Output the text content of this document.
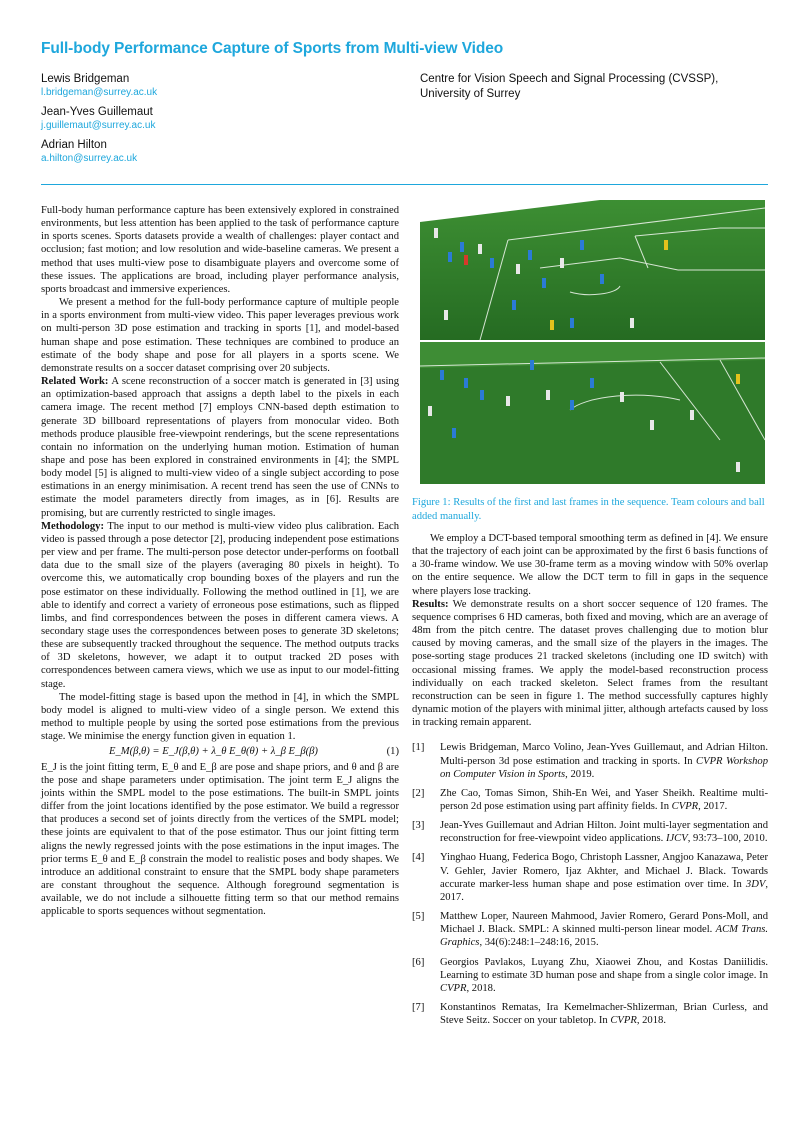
Full-body Performance Capture of Sports from Multi-view Video
Lewis Bridgeman
l.bridgeman@surrey.ac.uk
Jean-Yves Guillemaut
j.guillemaut@surrey.ac.uk
Adrian Hilton
a.hilton@surrey.ac.uk
Centre for Vision Speech and Signal Processing (CVSSP),
University of Surrey

Full-body human performance capture has been extensively explored in constrained environments, but less attention has been applied to the task of performance capture in sports scenes. Sports datasets provide a wealth of challenges: player contact and occlusion; fast motion; and low resolution and wide-baseline cameras. We present a method that uses multi-view pose to disambiguate players and overcome some of these issues. The applications are broad, including player performance analysis, sports broadcast and immersive experiences.

We present a method for the full-body performance capture of multiple people in a sports environment from multi-view video. This paper leverages previous work on multi-person 3D pose estimation and tracking in sports [1], and model-based human shape and pose estimation. These techniques are combined to produce an estimate of the body shape and pose for all players in a sports scene. We demonstrate results on a soccer dataset comprising over 20 subjects.

Related Work: A scene reconstruction of a soccer match is generated in [3] using an optimization-based approach that assigns a depth label to the pixels in each camera image. The recent method [7] employs CNN-based depth estimation to generate 3D billboard representations of players from monocular video. Both methods produce plausible free-viewpoint renderings, but the scene representations contain no information on the underlying human motion. Estimation of human shape and pose has been explored in constrained environments in [4]; the SMPL body model [5] is aligned to multi-view video of a single subject according to pose estimations in an energy minimisation. A recent trend has seen the use of CNNs to estimate the model parameters directly from images, as in [6]. Results are promising, but are currently restricted to single images.

Methodology: The input to our method is multi-view video plus calibration. Each video is passed through a pose detector [2], producing independent pose estimations per view and per frame. The multi-person pose detector under-performs on football data due to the small size of the players (averaging 80 pixels in height). To overcome this, we automatically crop bounding boxes of the players and run the pose estimator on these individually. Following the method outlined in [1], we are able to identify and correct a variety of erroneous pose estimations, such as flipped limbs, and find correspondences between the poses in different camera views. A secondary stage uses the correspondences between poses to generate 3D skeletons; these are subsequently tracked throughout the sequence. The method outputs tracks of 3D skeletons, however, we adapt it to output tracked 2D poses with correspondences between camera views, which we use as input to our model-fitting stage.

The model-fitting stage is based upon the method in [4], in which the SMPL body model is aligned to multi-view video of a single person. We extend this method to multiple people by using the sorted pose estimations from the previous stage. We minimise the energy function given in equation 1.

E_M(β,θ) = E_J(β,θ) + λ_θ E_θ(θ) + λ_β E_β(β)	(1)

E_J is the joint fitting term, E_θ and E_β are pose and shape priors, and θ and β are the pose and shape parameters under optimisation. The joint term E_J aligns the joints within the SMPL model to the pose estimations. The built-in SMPL joints differ from the joint locations identified by the pose estimator. We build a regressor that produces a second set of joints directly from the vertices of the SMPL model; these joints are equivalent to that of the pose estimator. Thus our joint fitting term aligns the newly regressed joints with the pose estimations in the input images. The prior terms E_θ and E_β constrain the model to realistic poses and body shapes. We introduce an additional constraint to ensure that the SMPL body shape parameters are constant throughout the sequence. Although foreground segmentation is available, we do not include a silhouette fitting term so that our method remains applicable to sports sequences without segmentation.

Figure 1: Results of the first and last frames in the sequence. Team colours and ball added manually.

We employ a DCT-based temporal smoothing term as defined in [4]. We ensure that the trajectory of each joint can be approximated by the first 6 basis functions of a 30-frame window. We use 30-frame term as a moving window with 50% overlap on the entire sequence. We allow the DCT term to fill in gaps in the sequence where players lose tracking.

Results: We demonstrate results on a short soccer sequence of 120 frames. The sequence comprises 6 HD cameras, both fixed and moving, which are an average of 48m from the pitch centre. The dataset proves challenging due to motion blur caused by moving cameras, and the small size of the players in the images. The pose-sorting stage produces 21 tracked skeletons (including one ID switch) with occasional missing frames. We apply the model-based reconstruction process individually on each tracked skeleton. Select frames from the resultant reconstruction can be seen in figure 1. The method successfully captures highly dynamic motion of the players with minimal jitter, although artefacts caused by loss in tracking remain apparent.

[1]	Lewis Bridgeman, Marco Volino, Jean-Yves Guillemaut, and Adrian Hilton. Multi-person 3d pose estimation and tracking in sports. In CVPR Workshop on Computer Vision in Sports, 2019.
[2]	Zhe Cao, Tomas Simon, Shih-En Wei, and Yaser Sheikh. Realtime multi-person 2d pose estimation using part affinity fields. In CVPR, 2017.
[3]	Jean-Yves Guillemaut and Adrian Hilton. Joint multi-layer segmentation and reconstruction for free-viewpoint video applications. IJCV, 93:73–100, 2010.
[4]	Yinghao Huang, Federica Bogo, Christoph Lassner, Angjoo Kanazawa, Peter V. Gehler, Javier Romero, Ijaz Akhter, and Michael J. Black. Towards accurate marker-less human shape and pose estimation over time. In 3DV, 2017.
[5]	Matthew Loper, Naureen Mahmood, Javier Romero, Gerard Pons-Moll, and Michael J. Black. SMPL: A skinned multi-person linear model. ACM Trans. Graphics, 34(6):248:1–248:16, 2015.
[6]	Georgios Pavlakos, Luyang Zhu, Xiaowei Zhou, and Kostas Daniilidis. Learning to estimate 3D human pose and shape from a single color image. In CVPR, 2018.
[7]	Konstantinos Rematas, Ira Kemelmacher-Shlizerman, Brian Curless, and Steve Seitz. Soccer on your tabletop. In CVPR, 2018.
